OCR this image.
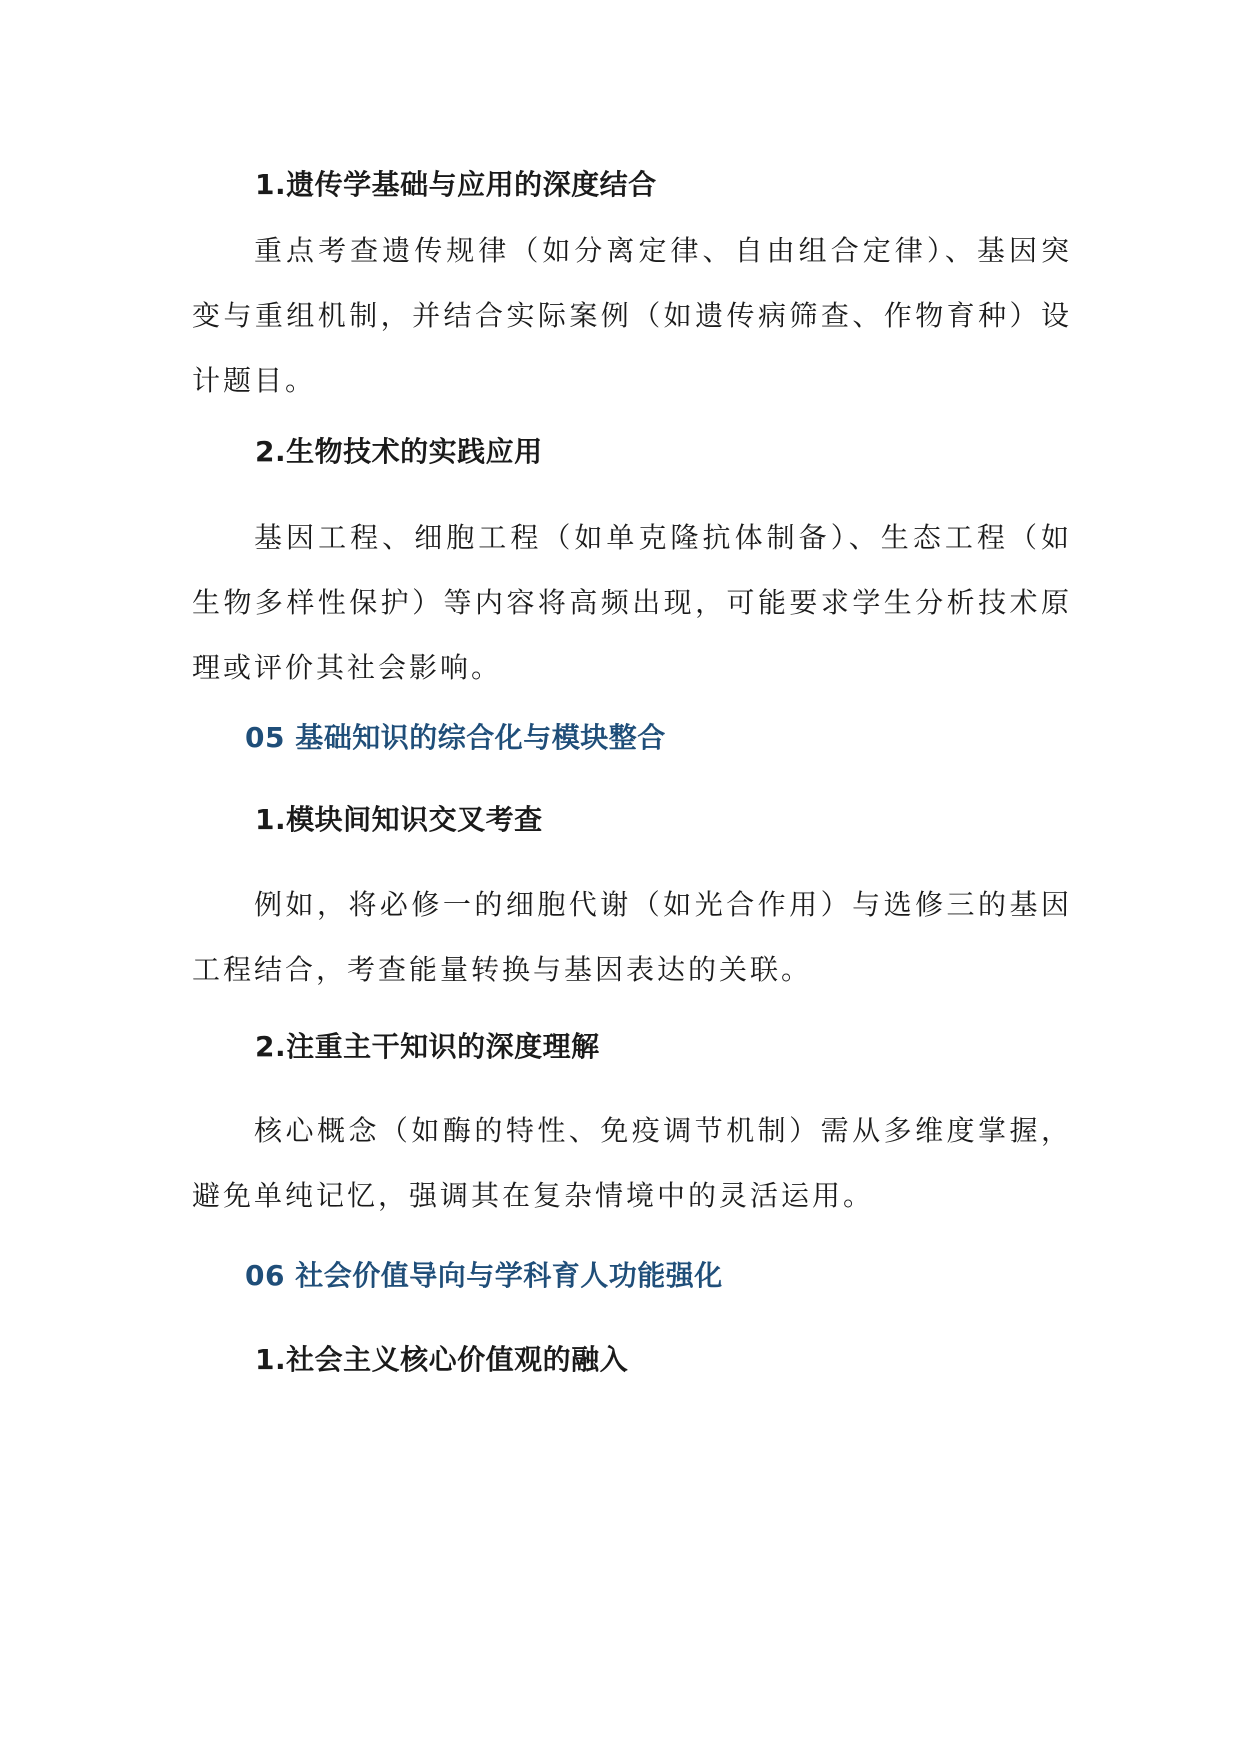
1.遗传学基础与应用的深度结合
重点考查遗传规律（如分离定律、自由组合定律）、基因突变与重组机制，并结合实际案例（如遗传病筛查、作物育种）设计题目。
2.生物技术的实践应用
基因工程、细胞工程（如单克隆抗体制备）、生态工程（如生物多样性保护）等内容将高频出现，可能要求学生分析技术原理或评价其社会影响。
05 基础知识的综合化与模块整合
1.模块间知识交叉考查
例如，将必修一的细胞代谢（如光合作用）与选修三的基因工程结合，考查能量转换与基因表达的关联。
2.注重主干知识的深度理解
核心概念（如酶的特性、免疫调节机制）需从多维度掌握，避免单纯记忆，强调其在复杂情境中的灵活运用。
06 社会价值导向与学科育人功能强化
1.社会主义核心价值观的融入
